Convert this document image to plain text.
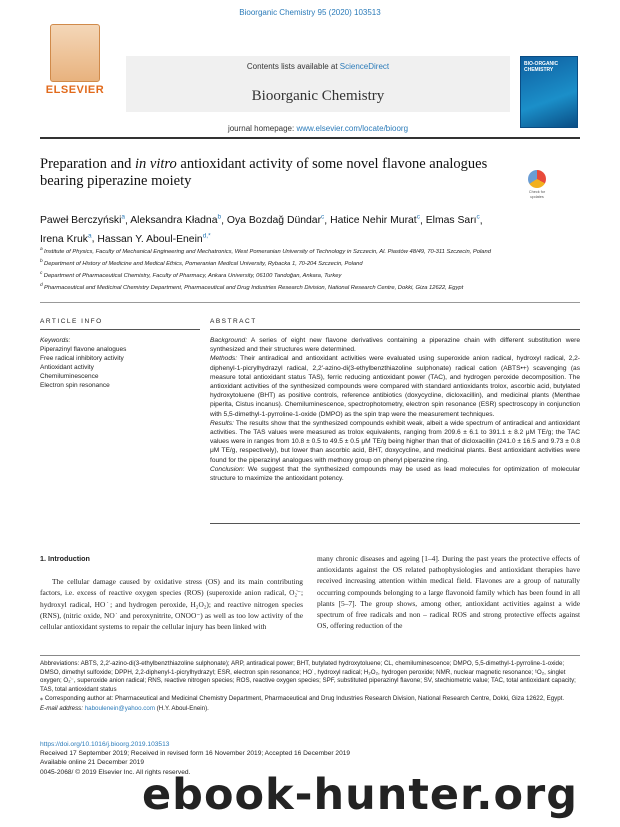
Bioorganic Chemistry 95 (2020) 103513
ELSEVIER
Contents lists available at ScienceDirect
Bioorganic Chemistry
journal homepage: www.elsevier.com/locate/bioorg
BIO-ORGANIC CHEMISTRY
Preparation and in vitro antioxidant activity of some novel flavone analogues bearing piperazine moiety
Check for updates
Paweł Berczyński$^a$, Aleksandra Kładna$^b$, Oya Bozdağ Dündar$^c$, Hatice Nehir Murat$^c$, Elmas Sarı$^c$,
Irena Kruk$^a$, Hassan Y. Aboul-Enein$^{d,*}$
$^a$ Institute of Physics, Faculty of Mechanical Engineering and Mechatronics, West Pomeranian University of Technology in Szczecin, Al. Piastów 48/49, 70-311 Szczecin, Poland
$^b$ Department of History of Medicine and Medical Ethics, Pomeranian Medical University, Rybacka 1, 70-204 Szczecin, Poland
$^c$ Department of Pharmaceutical Chemistry, Faculty of Pharmacy, Ankara University, 06100 Tandoğan, Ankara, Turkey
$^d$ Pharmaceutical and Medicinal Chemistry Department, Pharmaceutical and Drug Industries Research Division, National Research Centre, Dokki, Giza 12622, Egypt
ARTICLE INFO	ABSTRACT
Keywords:
Piperazinyl flavone analogues
Free radical inhibitory activity
Antioxidant activity
Chemiluminescence
Electron spin resonance

Background: A series of eight new flavone derivatives containing a piperazine chain with different substitution were synthesized and their structures were determined.

Methods: Their antiradical and antioxidant activities were evaluated using superoxide anion radical, hydroxyl radical, 2,2-diphenyl-1-picrylhydrazyl radical, 2,2′-azino-di(3-ethylbenzthiazoline sulphonate) radical cation (ABTS•+) scavenging (as measure total antioxidant status TAS), ferric reducing antioxidant power (TAC), and hydrogen peroxide decomposition. The antioxidant activities of the synthesized compounds were compared with standard antioxidants trolox, ascorbic acid, butylated hydroxytoluene (BHT) as positive controls, reference antibiotics (doxycycline, dicloxacillin), and medicinal plants (Menthae piperita, Cistus incanus). Chemiluminescence, spectrophotometry, electron spin resonance (ESR) spectroscopy in conjunction with 5,5-dimethyl-1-pyrroline-1-oxide (DMPO) as the spin trap were the measurement techniques.

Results: The results show that the synthesized compounds exhibit weak, albeit a wide spectrum of antiradical and antioxidant activities. The TAS values were measured as trolox equivalents, ranging from 209.6 ± 6.1 to 391.1 ± 8.2 μM TE/g; the TAC values were in ranges from 10.8 ± 0.5 to 49.5 ± 0.5 μM TE/g being higher than that of dicloxacillin (241.0 ± 16.5 and 9.73 ± 0.8 μM TE/g, respectively), but lower than ascorbic acid, BHT, doxycycline, and medicinal plants. Best antioxidant activities were found for the piperazinyl analogues with methoxy group on phenyl piperazine ring.

Conclusion: We suggest that the synthesized compounds may be used as lead molecules for optimization of molecular structure to maximize the antioxidant potency.

1. Introduction

The cellular damage caused by oxidative stress (OS) and its main contributing factors, i.e. excess of reactive oxygen species (ROS) (superoxide anion radical, O₂̇⁻; hydroxyl radical, HO˙; and hydrogen peroxide, H₂O₂); and reactive nitrogen species (RNS), (nitric oxide, NO˙ and peroxynitrite, ONOO⁻) as well as too low activity of the cellular antioxidant systems to repair the cellular injury has been linked with

many chronic diseases and ageing [1–4]. During the past years the protective effects of antioxidants against the OS related pathophysiologies and antioxidant therapies have received increasing attention within medical field. Flavones are a group of naturally occurring compounds belonging to a large flavonoid family which has been found in all plants [5–7]. The group shows, among other, antioxidant activities against a wide spectrum of free radicals and non – radical ROS and strong protective effects against OS, offering reduction of the

Abbreviations: ABTS, 2,2′-azino-di(3-ethylbenzthiazoline sulphonate); ARP, antiradical power; BHT, butylated hydroxytoluene; CL, chemiluminescence; DMPO, 5,5-dimethyl-1-pyrroline-1-oxide; DMSO, dimethyl sulfoxide; DPPH, 2,2-diphenyl-1-picrylhydrazyl; ESR, electron spin resonance; HO˙, hydroxyl radical; H₂O₂, hydrogen peroxide; NMR, nuclear magnetic resonance; ¹O₂, singlet oxygen; O₂̇⁻, superoxide anion radical; RNS, reactive nitrogen species; ROS, reactive oxygen species; SPF, substituted piperazinyl flavone; SV, stechiometric value; TAC, total antioxidant capacity; TAS, total antioxidant status

⁎ Corresponding author at: Pharmaceutical and Medicinal Chemistry Department, Pharmaceutical and Drug Industries Research Division, National Research Centre, Dokki, Giza 12622, Egypt.

E-mail address: haboulenein@yahoo.com (H.Y. Aboul-Enein).

https://doi.org/10.1016/j.bioorg.2019.103513
Received 17 September 2019; Received in revised form 16 November 2019; Accepted 16 December 2019
Available online 21 December 2019
0045-2068/ © 2019 Elsevier Inc. All rights reserved.
ebook-hunter.org
